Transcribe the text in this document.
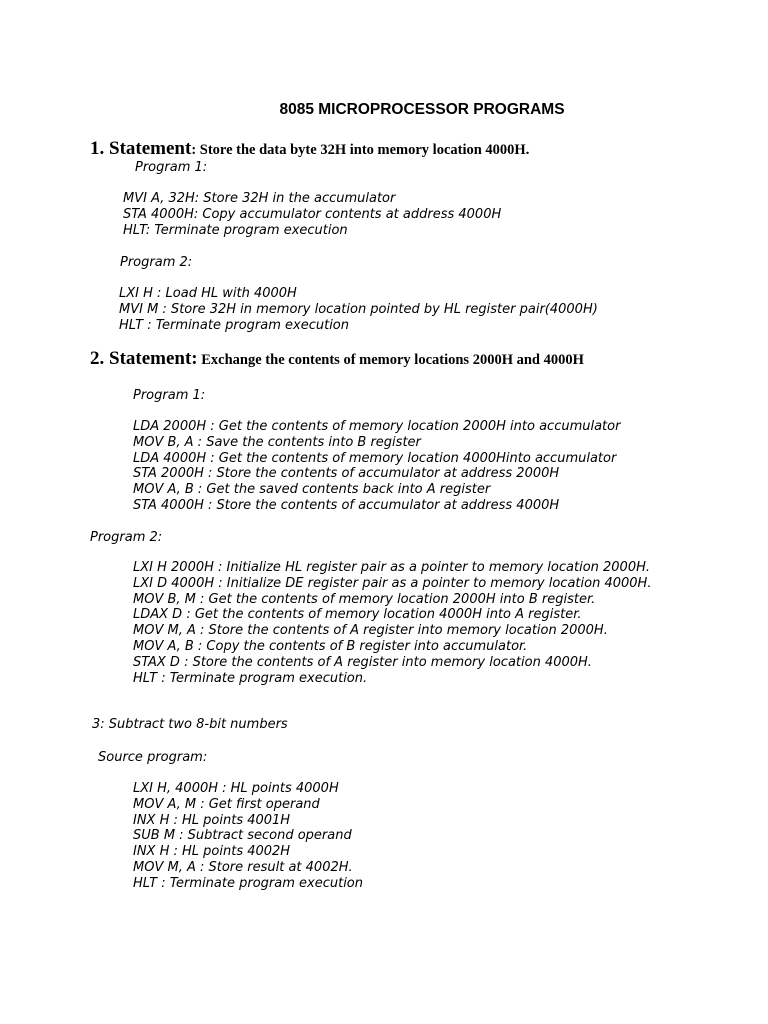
8085 MICROPROCESSOR PROGRAMS
1. Statement: Store the data byte 32H into memory location 4000H.
Program 1:
MVI A, 32H: Store 32H in the accumulator
STA 4000H: Copy accumulator contents at address 4000H
HLT: Terminate program execution
Program 2:
LXI H : Load HL with 4000H
MVI M : Store 32H in memory location pointed by HL register pair(4000H)
HLT : Terminate program execution
2. Statement: Exchange the contents of memory locations 2000H and 4000H
Program 1:
LDA 2000H : Get the contents of memory location 2000H into accumulator
MOV B, A : Save the contents into B register
LDA 4000H : Get the contents of memory location 4000Hinto accumulator
STA 2000H : Store the contents of accumulator at address 2000H
MOV A, B : Get the saved contents back into A register
STA 4000H : Store the contents of accumulator at address 4000H
Program 2:
LXI H 2000H : Initialize HL register pair as a pointer to memory location 2000H.
LXI D 4000H : Initialize DE register pair as a pointer to memory location 4000H.
MOV B, M : Get the contents of memory location 2000H into B register.
LDAX D : Get the contents of memory location 4000H into A register.
MOV M, A : Store the contents of A register into memory location 2000H.
MOV A, B : Copy the contents of B register into accumulator.
STAX D : Store the contents of A register into memory location 4000H.
HLT : Terminate program execution.
3: Subtract two 8-bit numbers
Source program:
LXI H, 4000H : HL points 4000H
MOV A, M : Get first operand
INX H : HL points 4001H
SUB M : Subtract second operand
INX H : HL points 4002H
MOV M, A : Store result at 4002H.
HLT : Terminate program execution
